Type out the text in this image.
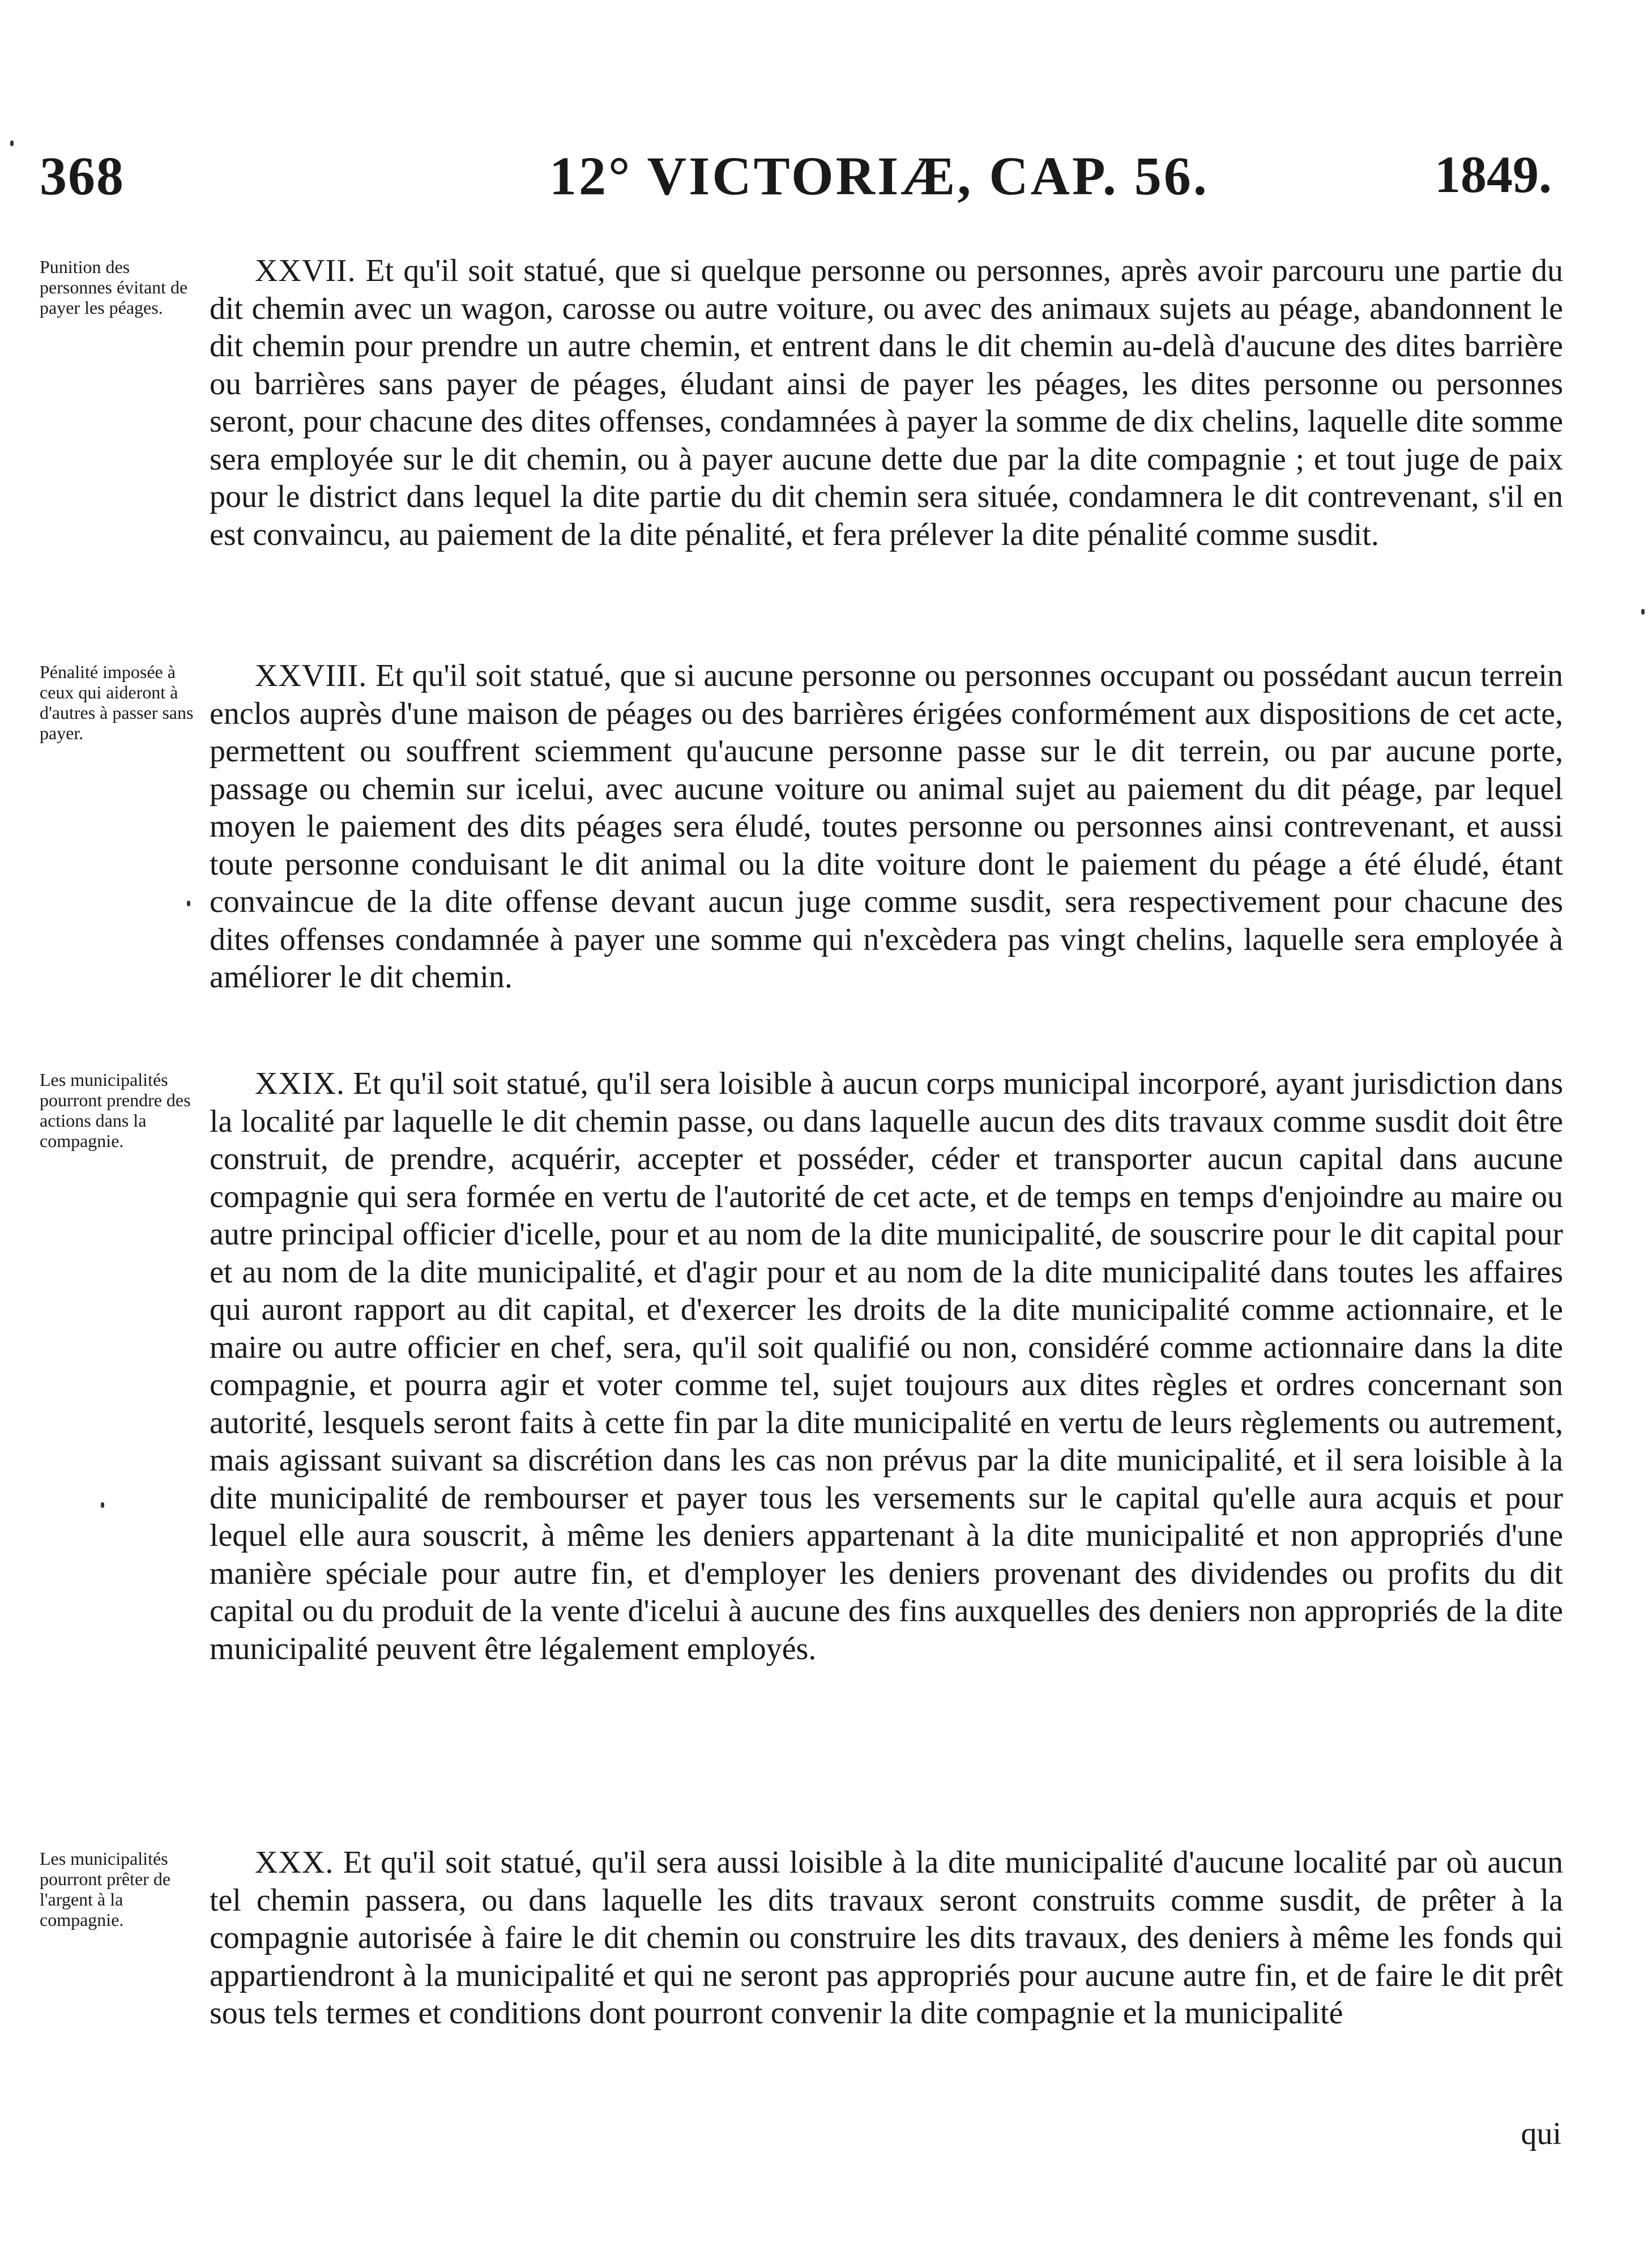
368	12° VICTORIÆ, CAP. 56.	1849.
Punition des personnes évitant de payer les péages.
XXVII. Et qu'il soit statué, que si quelque personne ou personnes, après avoir parcouru une partie du dit chemin avec un wagon, carosse ou autre voiture, ou avec des animaux sujets au péage, abandonnent le dit chemin pour prendre un autre chemin, et entrent dans le dit chemin au-delà d'aucune des dites barrière ou barrières sans payer de péages, éludant ainsi de payer les péages, les dites personne ou personnes seront, pour chacune des dites offenses, condamnées à payer la somme de dix chelins, laquelle dite somme sera employée sur le dit chemin, ou à payer aucune dette due par la dite compagnie ; et tout juge de paix pour le district dans lequel la dite partie du dit chemin sera située, condamnera le dit contrevenant, s'il en est convaincu, au paiement de la dite pénalité, et fera prélever la dite pénalité comme susdit.
Pénalité imposée à ceux qui aideront à d'autres à passer sans payer.
XXVIII. Et qu'il soit statué, que si aucune personne ou personnes occupant ou possédant aucun terrein enclos auprès d'une maison de péages ou des barrières érigées conformément aux dispositions de cet acte, permettent ou souffrent sciemment qu'aucune personne passe sur le dit terrein, ou par aucune porte, passage ou chemin sur icelui, avec aucune voiture ou animal sujet au paiement du dit péage, par lequel moyen le paiement des dits péages sera éludé, toutes personne ou personnes ainsi contrevenant, et aussi toute personne conduisant le dit animal ou la dite voiture dont le paiement du péage a été éludé, étant convaincue de la dite offense devant aucun juge comme susdit, sera respectivement pour chacune des dites offenses condamnée à payer une somme qui n'excèdera pas vingt chelins, laquelle sera employée à améliorer le dit chemin.
Les municipalités pourront prendre des actions dans la compagnie.
XXIX. Et qu'il soit statué, qu'il sera loisible à aucun corps municipal incorporé, ayant jurisdiction dans la localité par laquelle le dit chemin passe, ou dans laquelle aucun des dits travaux comme susdit doit être construit, de prendre, acquérir, accepter et posséder, céder et transporter aucun capital dans aucune compagnie qui sera formée en vertu de l'autorité de cet acte, et de temps en temps d'enjoindre au maire ou autre principal officier d'icelle, pour et au nom de la dite municipalité, de souscrire pour le dit capital pour et au nom de la dite municipalité, et d'agir pour et au nom de la dite municipalité dans toutes les affaires qui auront rapport au dit capital, et d'exercer les droits de la dite municipalité comme actionnaire, et le maire ou autre officier en chef, sera, qu'il soit qualifié ou non, considéré comme actionnaire dans la dite compagnie, et pourra agir et voter comme tel, sujet toujours aux dites règles et ordres concernant son autorité, lesquels seront faits à cette fin par la dite municipalité en vertu de leurs règlements ou autrement, mais agissant suivant sa discrétion dans les cas non prévus par la dite municipalité, et il sera loisible à la dite municipalité de rembourser et payer tous les versements sur le capital qu'elle aura acquis et pour lequel elle aura souscrit, à même les deniers appartenant à la dite municipalité et non appropriés d'une manière spéciale pour autre fin, et d'employer les deniers provenant des dividendes ou profits du dit capital ou du produit de la vente d'icelui à aucune des fins auxquelles des deniers non appropriés de la dite municipalité peuvent être légalement employés.
Les municipalités pourront prêter de l'argent à la compagnie.
XXX. Et qu'il soit statué, qu'il sera aussi loisible à la dite municipalité d'aucune localité par où aucun tel chemin passera, ou dans laquelle les dits travaux seront construits comme susdit, de prêter à la compagnie autorisée à faire le dit chemin ou construire les dits travaux, des deniers à même les fonds qui appartiendront à la municipalité et qui ne seront pas appropriés pour aucune autre fin, et de faire le dit prêt sous tels termes et conditions dont pourront convenir la dite compagnie et la municipalité
qui
